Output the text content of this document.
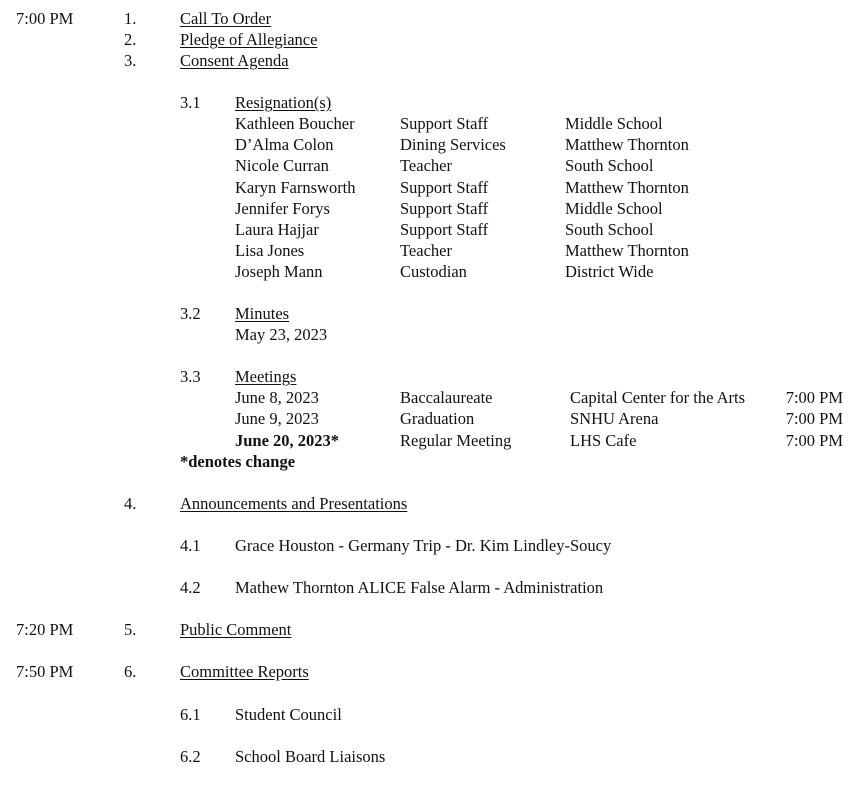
7:00 PM	1.	Call To Order
2.	Pledge of Allegiance
3.	Consent Agenda
3.1 Resignation(s)
Kathleen Boucher	Support Staff	Middle School
D’Alma Colon	Dining Services	Matthew Thornton
Nicole Curran	Teacher	South School
Karyn Farnsworth	Support Staff	Matthew Thornton
Jennifer Forys	Support Staff	Middle School
Laura Hajjar	Support Staff	South School
Lisa Jones	Teacher	Matthew Thornton
Joseph Mann	Custodian	District Wide
3.2 Minutes
May 23, 2023
3.3 Meetings
June 8, 2023	Baccalaureate	Capital Center for the Arts 7:00 PM
June 9, 2023	Graduation	SNHU Arena	7:00 PM
June 20, 2023*	Regular Meeting	LHS Cafe	7:00 PM
*denotes change
4.	Announcements and Presentations
4.1 Grace Houston - Germany Trip - Dr. Kim Lindley-Soucy
4.2 Mathew Thornton ALICE False Alarm - Administration
7:20 PM	5.	Public Comment
7:50 PM	6.	Committee Reports
6.1 Student Council
6.2 School Board Liaisons
